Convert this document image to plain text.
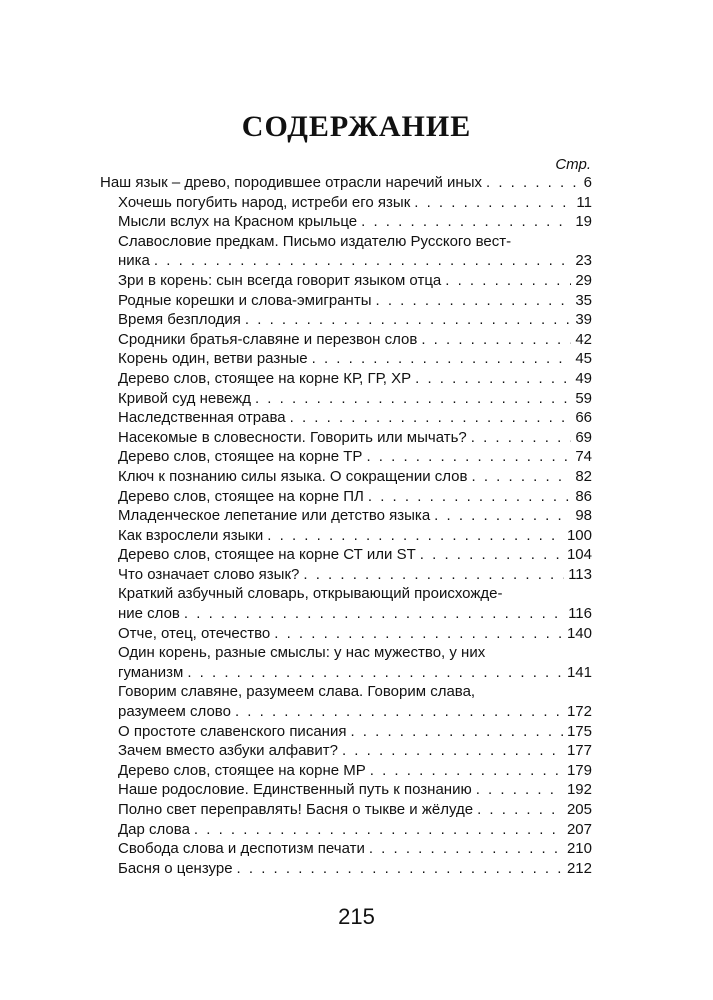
СОДЕРЖАНИЕ
Стр.
Наш язык – древо, породившее отрасли наречий иных . . .	6
Хочешь погубить народ, истреби его язык . . .	11
Мысли вслух на Красном крыльце . . .	19
Славословие предкам. Письмо издателю Русского вест-
ника . . .	23
Зри в корень: сын всегда говорит языком отца . . .	29
Родные корешки и слова-эмигранты . . .	35
Время безплодия . . .	39
Сродники братья-славяне и перезвон слов . . .	42
Корень один, ветви разные . . .	45
Дерево слов, стоящее на корне КР, ГР, ХР . . .	49
Кривой суд невежд . . .	59
Наследственная отрава . . .	66
Насекомые в словесности. Говорить или мычать? . . .	69
Дерево слов, стоящее на корне ТР . . .	74
Ключ к познанию силы языка. О сокращении слов . . .	82
Дерево слов, стоящее на корне ПЛ . . .	86
Младенческое лепетание или детство языка . . .	98
Как взрослели языки . . .	100
Дерево слов, стоящее на корне СТ или ST . . .	104
Что означает слово язык? . . .	113
Краткий азбучный словарь, открывающий происхожде-
ние слов . . .	116
Отче, отец, отечество . . .	140
Один корень, разные смыслы: у нас мужество, у них
гуманизм . . .	141
Говорим славяне, разумеем слава. Говорим слава,
разумеем слово . . .	172
О простоте славенского писания . . .	175
Зачем вместо азбуки алфавит? . . .	177
Дерево слов, стоящее на корне МР . . .	179
Наше родословие. Единственный путь к познанию . . .	192
Полно свет переправлять! Басня о тыкве и жёлуде . . .	205
Дар слова . . .	207
Свобода слова и деспотизм печати . . .	210
Басня о цензуре . . .	212
215
